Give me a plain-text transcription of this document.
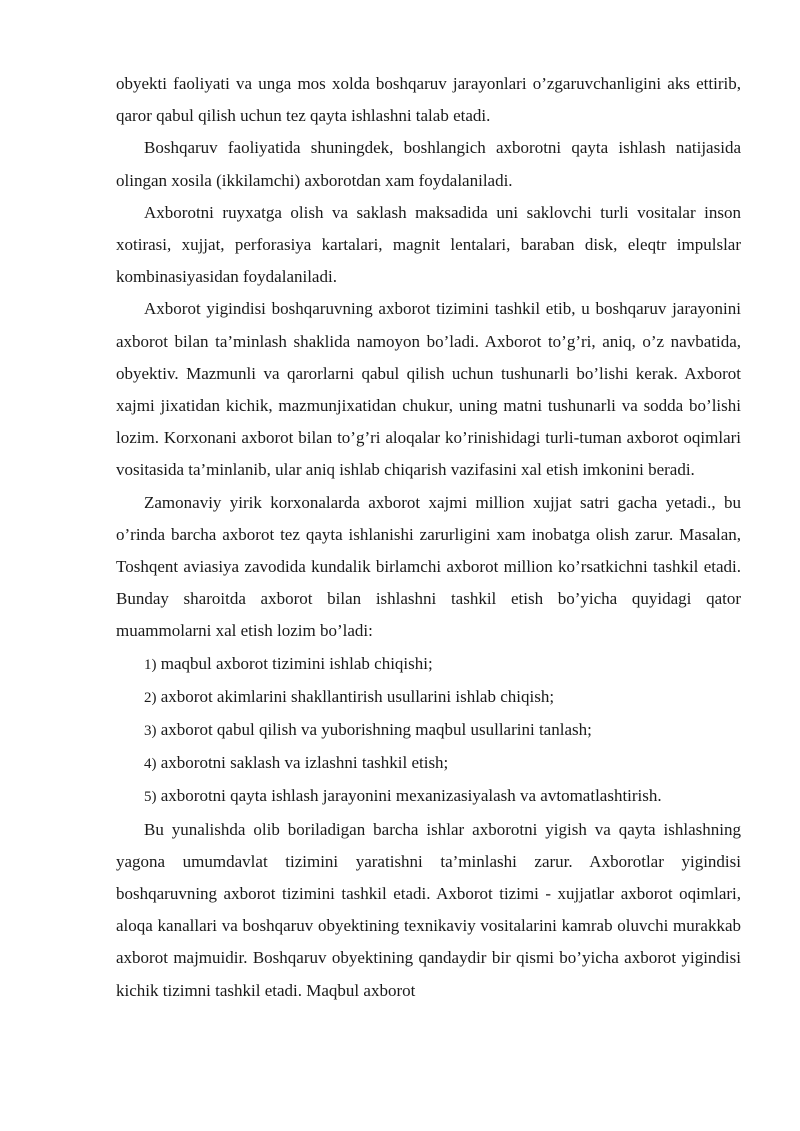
obyekti faoliyati va unga mos xolda boshqaruv jarayonlari o’zgaruvchanligini aks ettirib, qaror qabul qilish uchun tez qayta ishlashni talab etadi.

Boshqaruv faoliyatida shuningdek, boshlangich axborotni qayta ishlash natijasida olingan xosila (ikkilamchi) axborotdan xam foydalaniladi.

Axborotni ruyxatga olish va saklash maksadida uni saklovchi turli vositalar inson xotirasi, xujjat, perforasiya kartalari, magnit lentalari, baraban disk, eleqtr impulslar kombinasiyasidan foydalaniladi.

Axborot yigindisi boshqaruvning axborot tizimini tashkil etib, u boshqaruv jarayonini axborot bilan ta’minlash shaklida namoyon bo’ladi. Axborot to’g’ri, aniq, o’z navbatida, obyektiv. Mazmunli va qarorlarni qabul qilish uchun tushunarli bo’lishi kerak. Axborot xajmi jixatidan kichik, mazmunjixatidan chukur, uning matni tushunarli va sodda bo’lishi lozim. Korxonani axborot bilan to’g’ri aloqalar ko’rinishidagi turli-tuman axborot oqimlari vositasida ta’minlanib, ular aniq ishlab chiqarish vazifasini xal etish imkonini beradi.

Zamonaviy yirik korxonalarda axborot xajmi million xujjat satri gacha yetadi., bu o’rinda barcha axborot tez qayta ishlanishi zarurligini xam inobatga olish zarur. Masalan, Toshqent aviasiya zavodida kundalik birlamchi axborot million ko’rsatkichni tashkil etadi. Bunday sharoitda axborot bilan ishlashni tashkil etish bo’yicha quyidagi qator muammolarni xal etish lozim bo’ladi:

1) maqbul axborot tizimini ishlab chiqishi;

2) axborot akimlarini shakllantirish usullarini ishlab chiqish;

3) axborot qabul qilish va yuborishning maqbul usullarini tanlash;

4) axborotni saklash va izlashni tashkil etish;

5) axborotni qayta ishlash jarayonini mexanizasiyalash va avtomatlashtirish.

Bu yunalishda olib boriladigan barcha ishlar axborotni yigish va qayta ishlashning yagona umumdavlat tizimini yaratishni ta’minlashi zarur. Axborotlar yigindisi boshqaruvning axborot tizimini tashkil etadi. Axborot tizimi - xujjatlar axborot oqimlari, aloqa kanallari va boshqaruv obyektining texnikaviy vositalarini kamrab oluvchi murakkab axborot majmuidir. Boshqaruv obyektining qandaydir bir qismi bo’yicha axborot yigindisi kichik tizimni tashkil etadi. Maqbul axborot
